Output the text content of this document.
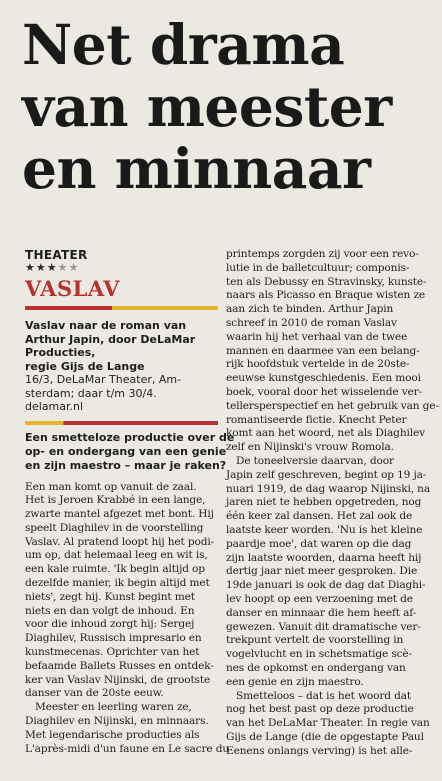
Net drama
van meester
en minnaar
THEATER
★★★★★
VASLAV
Vaslav naar de roman van
Arthur Japin, door DeLaMar
Producties,
regie Gijs de Lange
16/3, DeLaMar Theater, Am-
sterdam; daar t/m 30/4.
delamar.nl
Een smetteloze productie over de
op- en ondergang van een genie
en zijn maestro – maar je raken?
Een man komt op vanuit de zaal.
Het is Jeroen Krabbé in een lange,
zwarte mantel afgezet met bont. Hij
speelt Diaghilev in de voorstelling
Vaslav. Al pratend loopt hij het podi-
um op, dat helemaal leeg en wit is,
een kale ruimte. 'Ik begin altijd op
dezelfde manier, ik begin altijd met
niets', zegt hij. Kunst begint met
niets en dan volgt de inhoud. En
voor die inhoud zorgt hij: Sergej
Diaghilev, Russisch impresario en
kunstmecenas. Oprichter van het
befaamde Ballets Russes en ontdek-
ker van Vaslav Nijinski, de grootste
danser van de 20ste eeuw.
Meester en leerling waren ze,
Diaghilev en Nijinski, en minnaars.
Met legendarische producties als
L'après-midi d'un faune en Le sacre du
printemps zorgden zij voor een revo-
lutie in de balletcultuur; componis-
ten als Debussy en Stravinsky, kunste-
naars als Picasso en Braque wisten ze
aan zich te binden. Arthur Japin
schreef in 2010 de roman Vaslav
waarin hij het verhaal van de twee
mannen en daarmee van een belang-
rijk hoofdstuk vertelde in de 20ste-
eeuwse kunstgeschiedenis. Een mooi
boek, vooral door het wisselende ver-
tellersperspectief en het gebruik van ge-
romantiseerde fictie. Knecht Peter
komt aan het woord, net als Diaghilev
zelf en Nijinski's vrouw Romola.
De toneelversie daarvan, door
Japin zelf geschreven, begint op 19 ja-
nuari 1919, de dag waarop Nijinski, na
jaren niet te hebben opgetreden, nog
één keer zal dansen. Het zal ook de
laatste keer worden. 'Nu is het kleine
paardje moe', dat waren op die dag
zijn laatste woorden, daarna heeft hij
dertig jaar niet meer gesproken. Die
19de januari is ook de dag dat Diaghi-
lev hoopt op een verzoening met de
danser en minnaar die hem heeft af-
gewezen. Vanuit dit dramatische ver-
trekpunt vertelt de voorstelling in
vogelvlucht en in schetsmatige scè-
nes de opkomst en ondergang van
een genie en zijn maestro.
Smetteloos – dat is het woord dat
nog het best past op deze productie
van het DeLaMar Theater. In regie van
Gijs de Lange (die de opgestapte Paul
Eenens onlangs verving) is het alle-
